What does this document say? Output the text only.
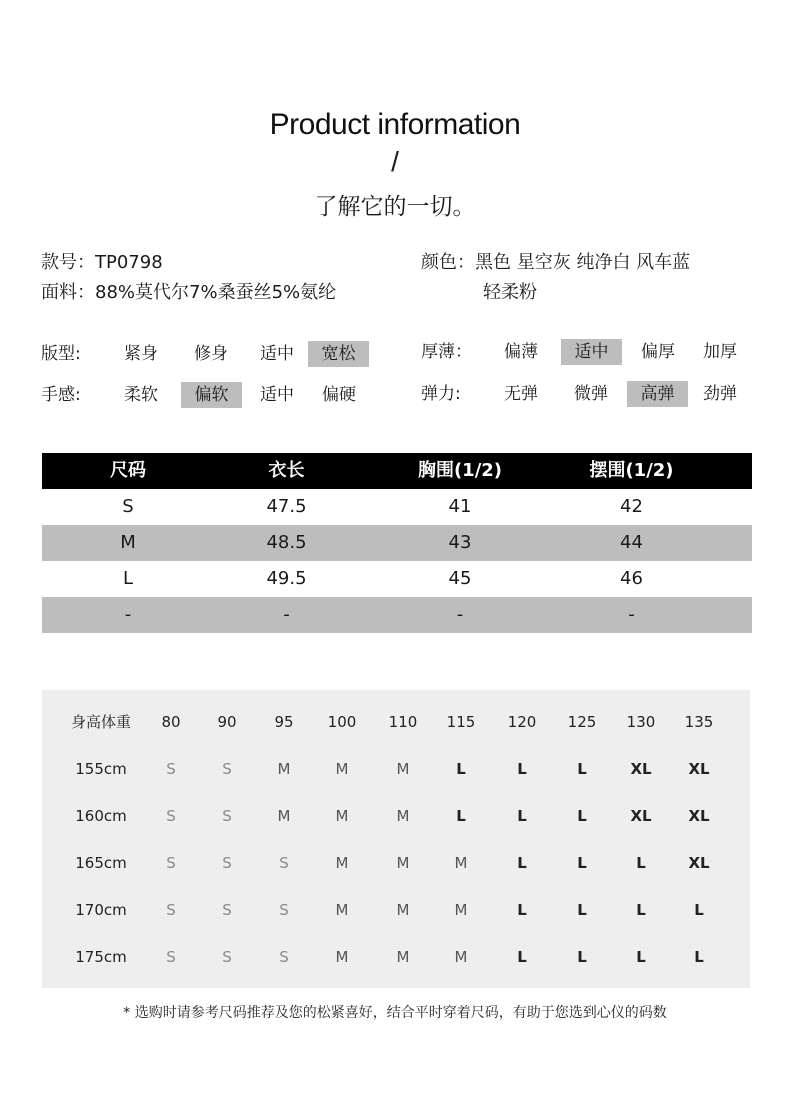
Product information
/
了解它的一切。
款号：TP0798
面料：88%莫代尔7%桑蚕丝5%氨纶
颜色：黑色 星空灰 纯净白 风车蓝
轻柔粉
版型:	紧身	修身	适中	宽松	厚薄：	偏薄	适中	偏厚	加厚
手感:	柔软	偏软	适中	偏硬	弹力:	无弹	微弹	高弹	劲弹
尺码	衣长	胸围(1/2)	摆围(1/2)
S	47.5	41	42
M	48.5	43	44
L	49.5	45	46
-	-	-	-
身高体重	80	90	95	100	110	115	120	125	130	135
155cm	S	S	M	M	M	L	L	L	XL	XL
160cm	S	S	M	M	M	L	L	L	XL	XL
165cm	S	S	S	M	M	M	L	L	L	XL
170cm	S	S	S	M	M	M	L	L	L	L
175cm	S	S	S	M	M	M	L	L	L	L
* 选购时请参考尺码推荐及您的松紧喜好，结合平时穿着尺码，有助于您选到心仪的码数
